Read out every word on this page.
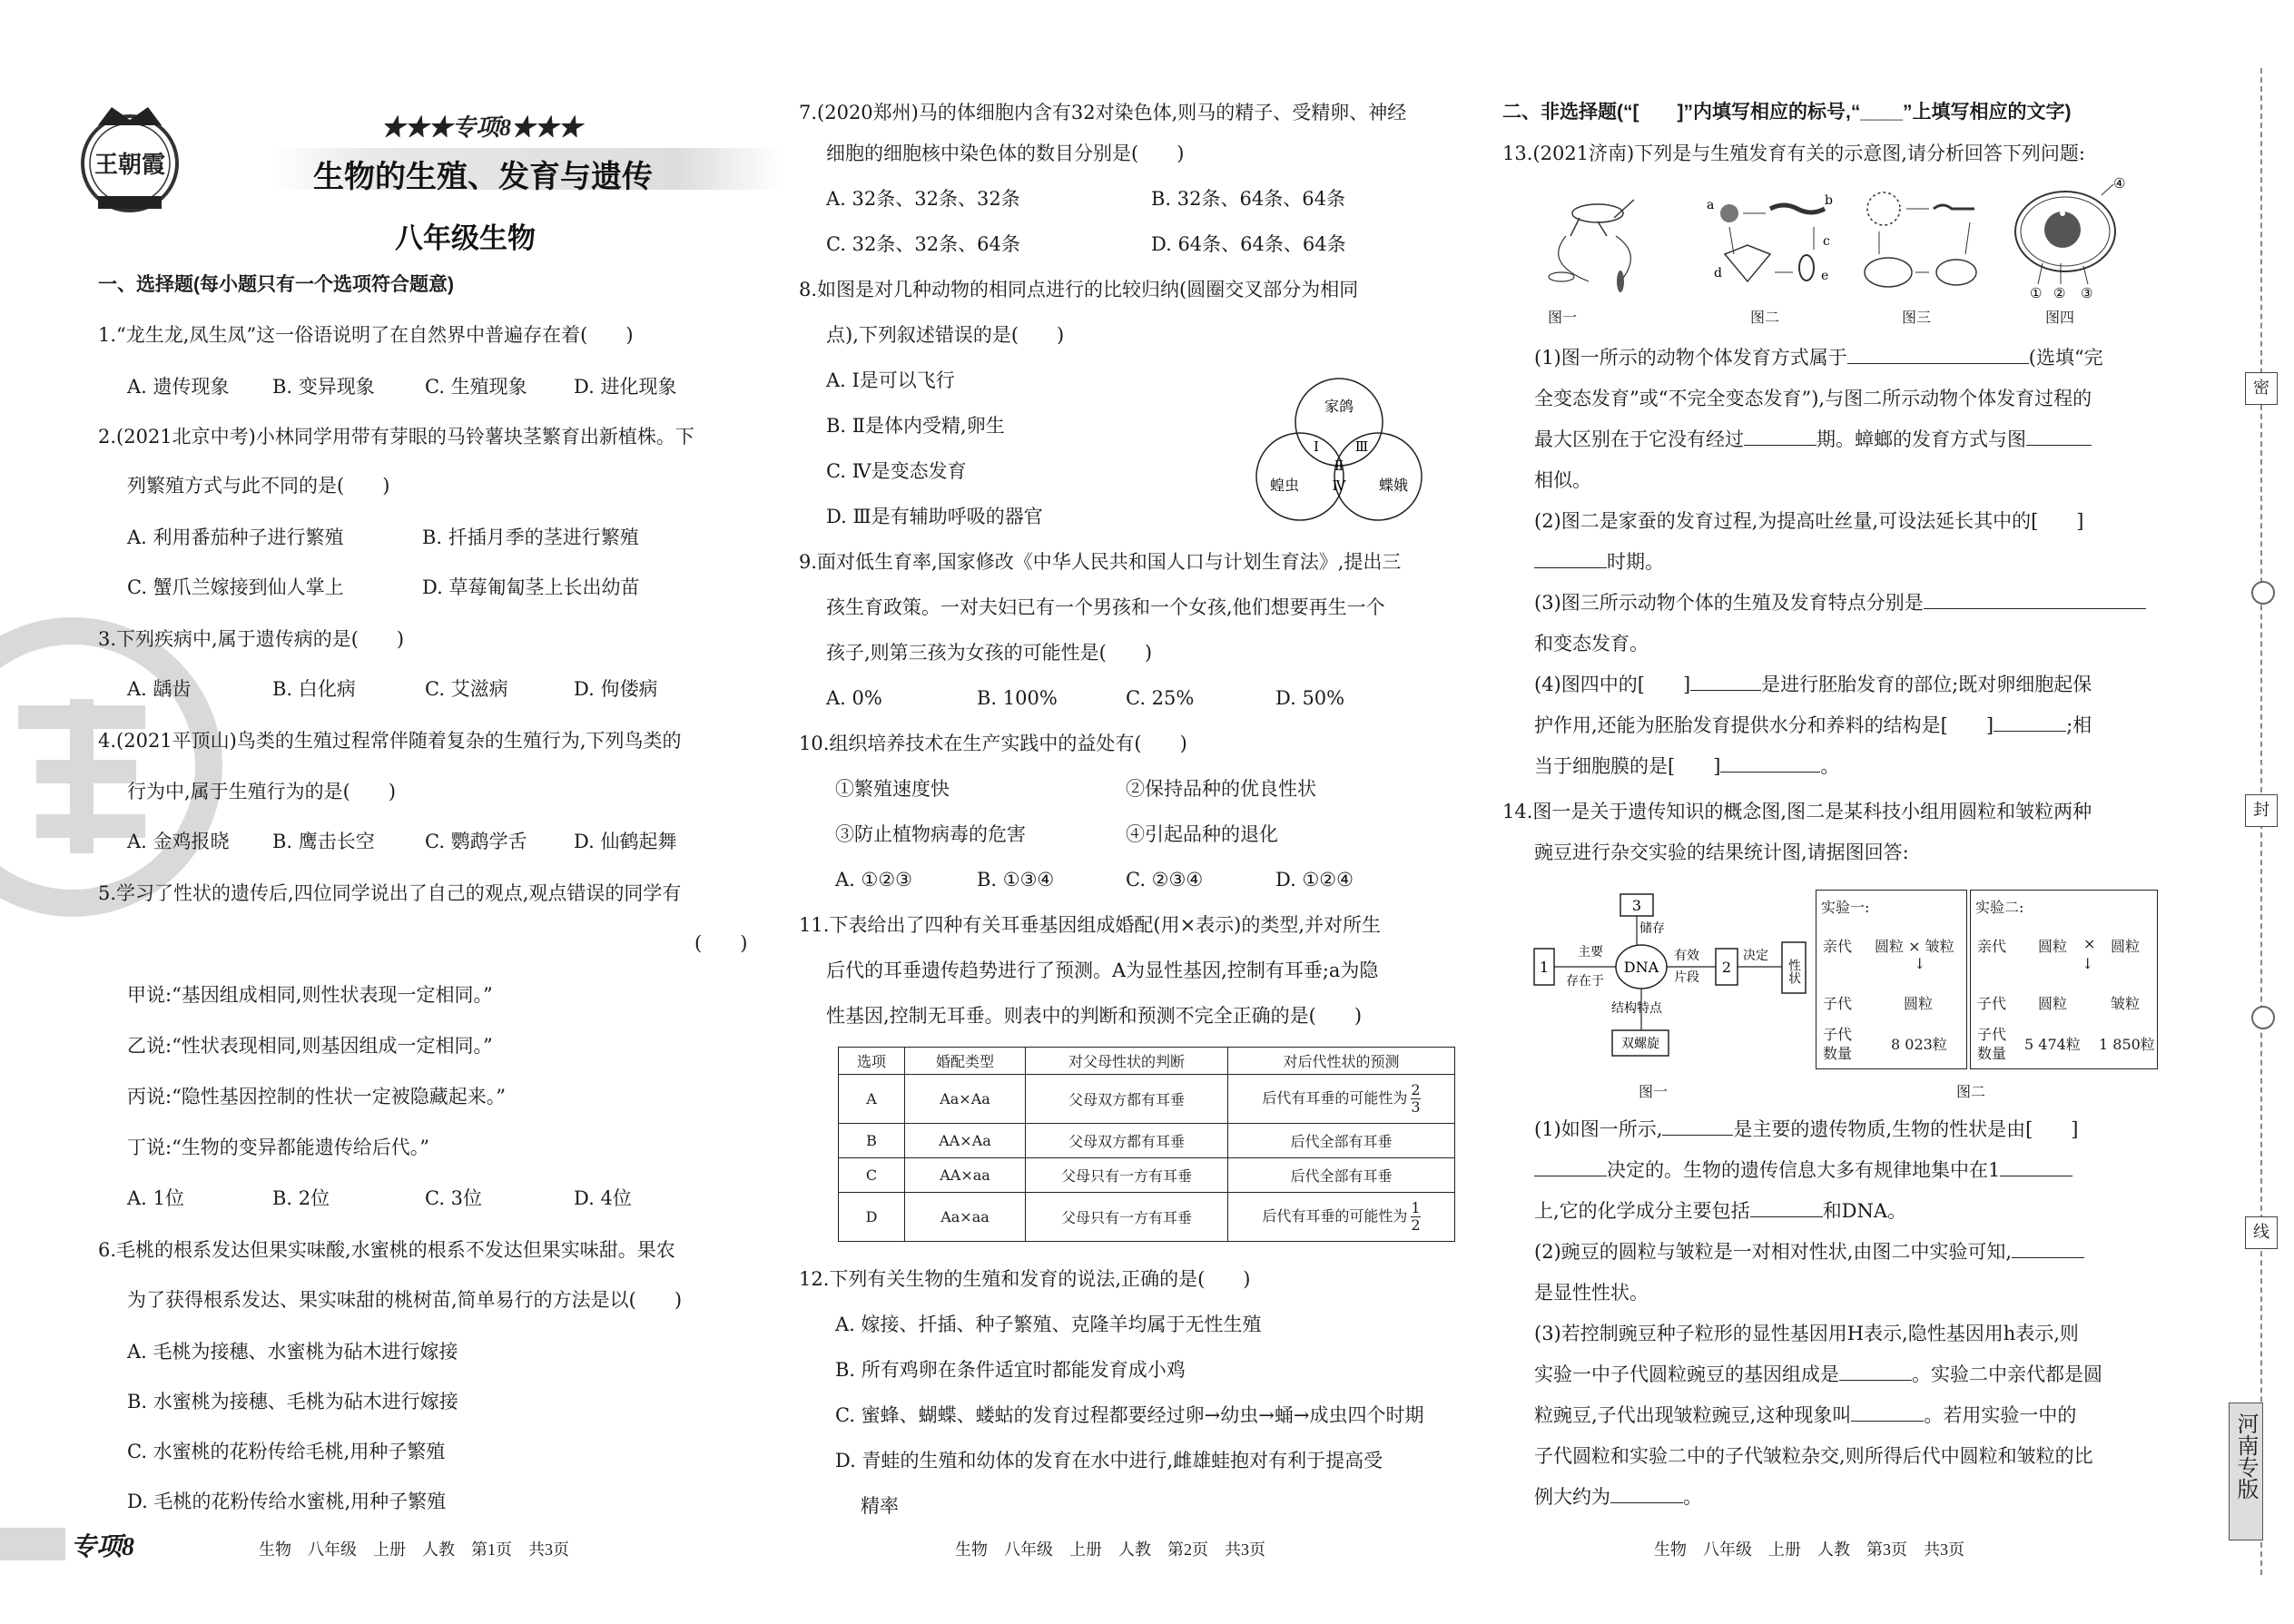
王朝霞
★★★专项8★★★
生物的生殖、发育与遗传
八年级生物
一、选择题(每小题只有一个选项符合题意)
1.“龙生龙,凤生凤”这一俗语说明了在自然界中普遍存在着(　　)
A. 遗传现象 B. 变异现象	C. 生殖现象 D. 进化现象
2.(2021北京中考)小林同学用带有芽眼的马铃薯块茎繁育出新植株。下
列繁殖方式与此不同的是(　　)
A. 利用番茄种子进行繁殖	B. 扦插月季的茎进行繁殖
C. 蟹爪兰嫁接到仙人掌上	D. 草莓匍匐茎上长出幼苗
3.下列疾病中,属于遗传病的是(　　)
A. 龋齿	B. 白化病	C. 艾滋病	D. 佝偻病
4.(2021平顶山)鸟类的生殖过程常伴随着复杂的生殖行为,下列鸟类的
行为中,属于生殖行为的是(　　)
A. 金鸡报晓 B. 鹰击长空	C. 鹦鹉学舌 D. 仙鹤起舞
5.学习了性状的遗传后,四位同学说出了自己的观点,观点错误的同学有
(　　)
甲说:“基因组成相同,则性状表现一定相同。”
乙说:“性状表现相同,则基因组成一定相同。”
丙说:“隐性基因控制的性状一定被隐藏起来。”
丁说:“生物的变异都能遗传给后代。”
A. 1位	B. 2位	C. 3位	D. 4位
6.毛桃的根系发达但果实味酸,水蜜桃的根系不发达但果实味甜。果农
为了获得根系发达、果实味甜的桃树苗,简单易行的方法是以(　　)
A. 毛桃为接穗、水蜜桃为砧木进行嫁接
B. 水蜜桃为接穗、毛桃为砧木进行嫁接
C. 水蜜桃的花粉传给毛桃,用种子繁殖
D. 毛桃的花粉传给水蜜桃,用种子繁殖
专项8	生物　八年级　上册　人教　第1页　共3页
7.(2020郑州)马的体细胞内含有32对染色体,则马的精子、受精卵、神经
细胞的细胞核中染色体的数目分别是(　　)
A. 32条、32条、32条	B. 32条、64条、64条
C. 32条、32条、64条	D. 64条、64条、64条
8.如图是对几种动物的相同点进行的比较归纳(圆圈交叉部分为相同
点),下列叙述错误的是(　　)
A. Ⅰ是可以飞行
B. Ⅱ是体内受精,卵生
C. Ⅳ是变态发育
D. Ⅲ是有辅助呼吸的器官
家鸽
蝗虫	蝶娥
Ⅰ
Ⅱ
Ⅲ
Ⅳ
9.面对低生育率,国家修改《中华人民共和国人口与计划生育法》,提出三
孩生育政策。一对夫妇已有一个男孩和一个女孩,他们想要再生一个
孩子,则第三孩为女孩的可能性是(　　)
A. 0%	B. 100%	C. 25%	D. 50%
10.组织培养技术在生产实践中的益处有(　　)
①繁殖速度快	②保持品种的优良性状
③防止植物病毒的危害	④引起品种的退化
A. ①②③	B. ①③④	C. ②③④	D. ①②④
11.下表给出了四种有关耳垂基因组成婚配(用×表示)的类型,并对所生
后代的耳垂遗传趋势进行了预测。A为显性基因,控制有耳垂;a为隐
性基因,控制无耳垂。则表中的判断和预测不完全正确的是(　　)
选项	婚配类型	对父母性状的判断	对后代性状的预测
A	Aa×Aa	父母双方都有耳垂	后代有耳垂的可能性为 $\frac{2}{3}$

B	AA×Aa	父母双方都有耳垂	后代全部有耳垂
C	AA×aa	父母只有一方有耳垂	后代全部有耳垂
D	Aa×aa	父母只有一方有耳垂	后代有耳垂的可能性为 $\frac{1}{2}$
12.下列有关生物的生殖和发育的说法,正确的是(　　)
A. 嫁接、扦插、种子繁殖、克隆羊均属于无性生殖
B. 所有鸡卵在条件适宜时都能发育成小鸡
C. 蜜蜂、蝴蝶、蝼蛄的发育过程都要经过卵→幼虫→蛹→成虫四个时期
D. 青蛙的生殖和幼体的发育在水中进行,雌雄蛙抱对有利于提高受
精率
生物　八年级　上册　人教　第2页　共3页
二、非选择题(“[　　]”内填写相应的标号,“____”上填写相应的文字)
13.(2021济南)下列是与生殖发育有关的示意图,请分析回答下列问题:
图一
a	b
c
d	e
图二	图三
④
① ② ③
图四
(1)图一所示的动物个体发育方式属于	(选填“完
全变态发育”或“不完全变态发育”),与图二所示动物个体发育过程的
最大区别在于它没有经过	期。蟑螂的发育方式与图
相似。
(2)图二是家蚕的发育过程,为提高吐丝量,可设法延长其中的[　　]
时期。
(3)图三所示动物个体的生殖及发育特点分别是
和变态发育。
(4)图四中的[　　]	是进行胚胎发育的部位;既对卵细胞起保
护作用,还能为胚胎发育提供水分和养料的结构是[　　]	;相
当于细胞膜的是[　　]	。
14.图一是关于遗传知识的概念图,图二是某科技小组用圆粒和皱粒两种
豌豆进行杂交实验的结果统计图,请据图回答:
1
3
DNA	2	性状
双螺旋
主要
存在于
储存
有效
片段
决定
结构特点
图一
实验一:
亲代 圆粒 × 皱粒
↓
子代	圆粒
子代
数量
8 023粒
实验二:
亲代 圆粒 × 圆粒
↓
子代 圆粒	皱粒
子代
数量
5 474粒 1 850粒
图二
(1)如图一所示,	是主要的遗传物质,生物的性状是由[　　]
决定的。生物的遗传信息大多有规律地集中在1
上,它的化学成分主要包括	和DNA。
(2)豌豆的圆粒与皱粒是一对相对性状,由图二中实验可知,
是显性性状。
(3)若控制豌豆种子粒形的显性基因用H表示,隐性基因用h表示,则
实验一中子代圆粒豌豆的基因组成是	。实验二中亲代都是圆
粒豌豆,子代出现皱粒豌豆,这种现象叫	。若用实验一中的
子代圆粒和实验二中的子代皱粒杂交,则所得后代中圆粒和皱粒的比
例大约为	。
生物　八年级　上册　人教　第3页　共3页
密
封
线
河南专版
